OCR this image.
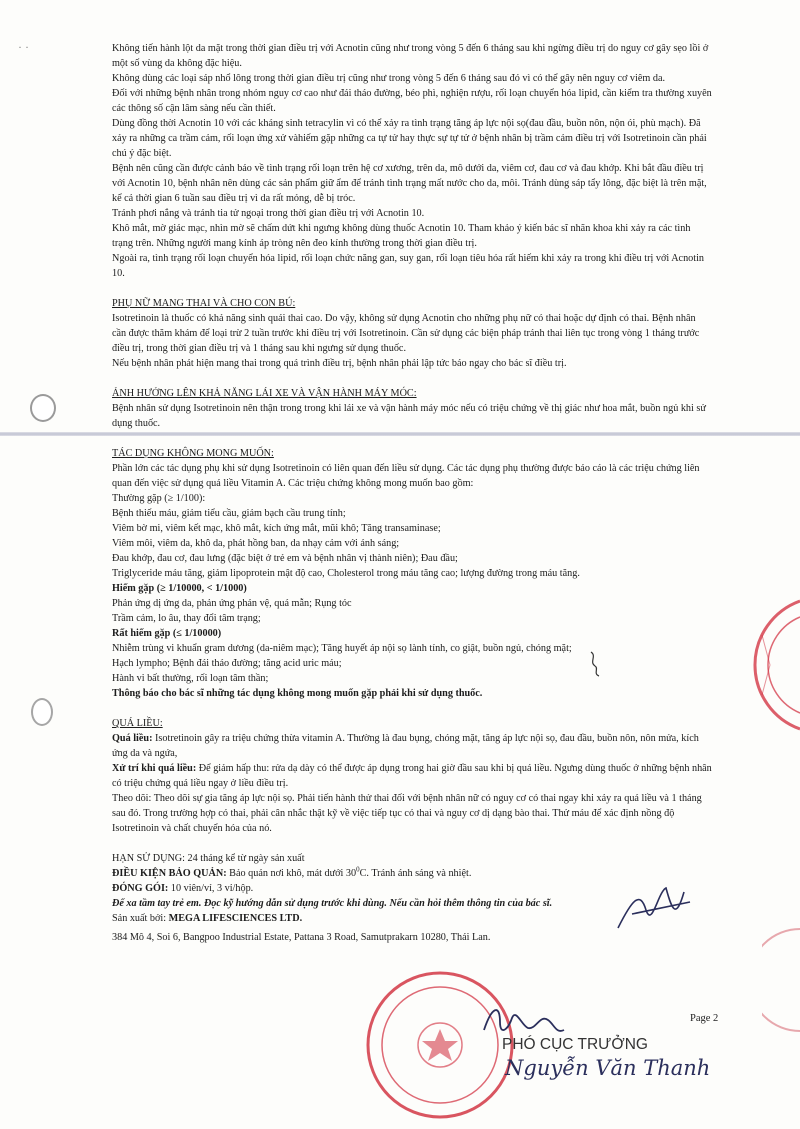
· ·	Không tiến hành lột da mặt trong thời gian điều trị với Acnotin cũng như trong vòng 5 đến 6 tháng sau khi ngừng điều trị do nguy cơ gây sẹo lồi ở một số vùng da không đặc hiệu.

Không dùng các loại sáp nhổ lông trong thời gian điều trị cũng như trong vòng 5 đến 6 tháng sau đó vì có thể gây nên nguy cơ viêm da.

Đối với những bệnh nhân trong nhóm nguy cơ cao như đái tháo đường, béo phì, nghiện rượu, rối loạn chuyển hóa lipid, cần kiểm tra thường xuyên các thông số cận lâm sàng nếu cần thiết.

Dùng đồng thời Acnotin 10 với các kháng sinh tetracylin vì có thể xảy ra tình trạng tăng áp lực nội sọ(đau đầu, buồn nôn, nộn ói, phù mạch). Đã xảy ra những ca trầm cảm, rối loạn ứng xử vàhiếm gặp những ca tự tử hay thực sự tự tử ở bệnh nhân bị trầm cảm điều trị với Isotretinoin cần phải chú ý đặc biệt.

Bệnh nên cũng cần được cảnh báo về tình trạng rối loạn trên hệ cơ xương, trên da, mô dưới da, viêm cơ, đau cơ và đau khớp. Khi bắt đầu điều trị với Acnotin 10, bệnh nhân nên dùng các sản phẩm giữ ẩm để tránh tình trạng mất nước cho da, môi. Tránh dùng sáp tẩy lông, đặc biệt là trên mặt, kể cả thời gian 6 tuần sau điều trị vì da rất mỏng, dễ bị tróc.

Tránh phơi nắng và tránh tia tử ngoại trong thời gian điều trị với Acnotin 10.

Khô mắt, mờ giác mạc, nhìn mờ sẽ chấm dứt khi ngưng không dùng thuốc Acnotin 10. Tham khảo ý kiến bác sĩ nhãn khoa khi xảy ra các tình trạng trên. Những người mang kính áp tròng nên đeo kính thường trong thời gian điều trị.

Ngoài ra, tình trạng rối loạn chuyển hóa lipid, rối loạn chức năng gan, suy gan, rối loạn tiêu hóa rất hiếm khi xảy ra trong khi điều trị với Acnotin 10.

PHỤ NỮ MANG THAI VÀ CHO CON BÚ:

Isotretinoin là thuốc có khả năng sinh quái thai cao. Do vậy, không sử dụng Acnotin cho những phụ nữ có thai hoặc dự định có thai. Bệnh nhân cần được thăm khám để loại trừ 2 tuần trước khi điều trị với Isotretinoin. Cần sử dụng các biện pháp tránh thai liên tục trong vòng 1 tháng trước điều trị, trong thời gian điều trị và 1 tháng sau khi ngưng sử dụng thuốc.

Nếu bệnh nhân phát hiện mang thai trong quá trình điều trị, bệnh nhân phải lập tức báo ngay cho bác sĩ điều trị.

ẢNH HƯỞNG LÊN KHẢ NĂNG LÁI XE VÀ VẬN HÀNH MÁY MÓC:

Bệnh nhân sử dụng Isotretinoin nên thận trong trong khi lái xe và vận hành máy móc nếu có triệu chứng về thị giác như hoa mắt, buồn ngủ khi sử dụng thuốc.

TÁC DỤNG KHÔNG MONG MUỐN:

Phần lớn các tác dụng phụ khi sử dụng Isotretinoin có liên quan đến liều sử dụng. Các tác dụng phụ thường được báo cáo là các triệu chứng liên quan đến việc sử dụng quá liều Vitamin A. Các triệu chứng không mong muốn bao gồm:

Thường gặp (≥ 1/100):

Bệnh thiếu máu, giảm tiểu cầu, giảm bạch cầu trung tính;

Viêm bờ mi, viêm kết mạc, khô mắt, kích ứng mắt, mũi khô; Tăng transaminase;

Viêm môi, viêm da, khô da, phát hồng ban, da nhạy cảm với ánh sáng;

Đau khớp, đau cơ, đau lưng (đặc biệt ở trẻ em và bệnh nhân vị thành niên); Đau đầu;

Triglyceride máu tăng, giảm lipoprotein mật độ cao, Cholesterol trong máu tăng cao; lượng đường trong máu tăng.

Hiếm gặp (≥ 1/10000, < 1/1000)

Phản ứng dị ứng da, phản ứng phản vệ, quá mẫn; Rụng tóc

Trầm cảm, lo âu, thay đổi tâm trạng;

Rất hiếm gặp (≤ 1/10000)

Nhiễm trùng vi khuẩn gram dương (da-niêm mạc); Tăng huyết áp nội sọ lành tính, co giật, buồn ngủ, chóng mặt;

Hạch lympho; Bệnh đái tháo đường; tăng acid uric máu;

Hành vi bất thường, rối loạn tâm thần;

Thông báo cho bác sĩ những tác dụng không mong muốn gặp phải khi sử dụng thuốc.

QUÁ LIỀU:

Quá liều: Isotretinoin gây ra triệu chứng thừa vitamin A. Thường là đau bụng, chóng mặt, tăng áp lực nội sọ, đau đầu, buồn nôn, nôn mửa, kích ứng da và ngứa,

Xử trí khi quá liều: Để giảm hấp thu: rửa dạ dày có thể được áp dụng trong hai giờ đầu sau khi bị quá liều. Ngưng dùng thuốc ở những bệnh nhân có triệu chứng quá liều ngay ở liều điều trị.

Theo dõi: Theo dõi sự gia tăng áp lực nội sọ. Phải tiến hành thử thai đối với bệnh nhân nữ có nguy cơ có thai ngay khi xảy ra quá liều và 1 tháng sau đó. Trong trường hợp có thai, phải cân nhắc thật kỹ về việc tiếp tục có thai và nguy cơ dị dạng bào thai. Thử máu để xác định nồng độ Isotretinoin và chất chuyển hóa của nó.

HẠN SỬ DỤNG: 24 tháng kể từ ngày sản xuất

ĐIỀU KIỆN BẢO QUẢN: Bảo quản nơi khô, mát dưới $30^0C$. Tránh ánh sáng và nhiệt.

ĐÓNG GÓI: 10 viên/vỉ, 3 vỉ/hộp.

Để xa tầm tay trẻ em. Đọc kỹ hướng dẫn sử dụng trước khi dùng. Nếu cần hỏi thêm thông tin của bác sĩ.

Sản xuất bởi: MEGA LIFESCIENCES LTD.

384 Mô 4, Soi 6, Bangpoo Industrial Estate, Pattana 3 Road, Samutprakarn 10280, Thái Lan.

Page 2
PHÓ CỤC TRƯỞNG
Nguyễn Văn Thanh
